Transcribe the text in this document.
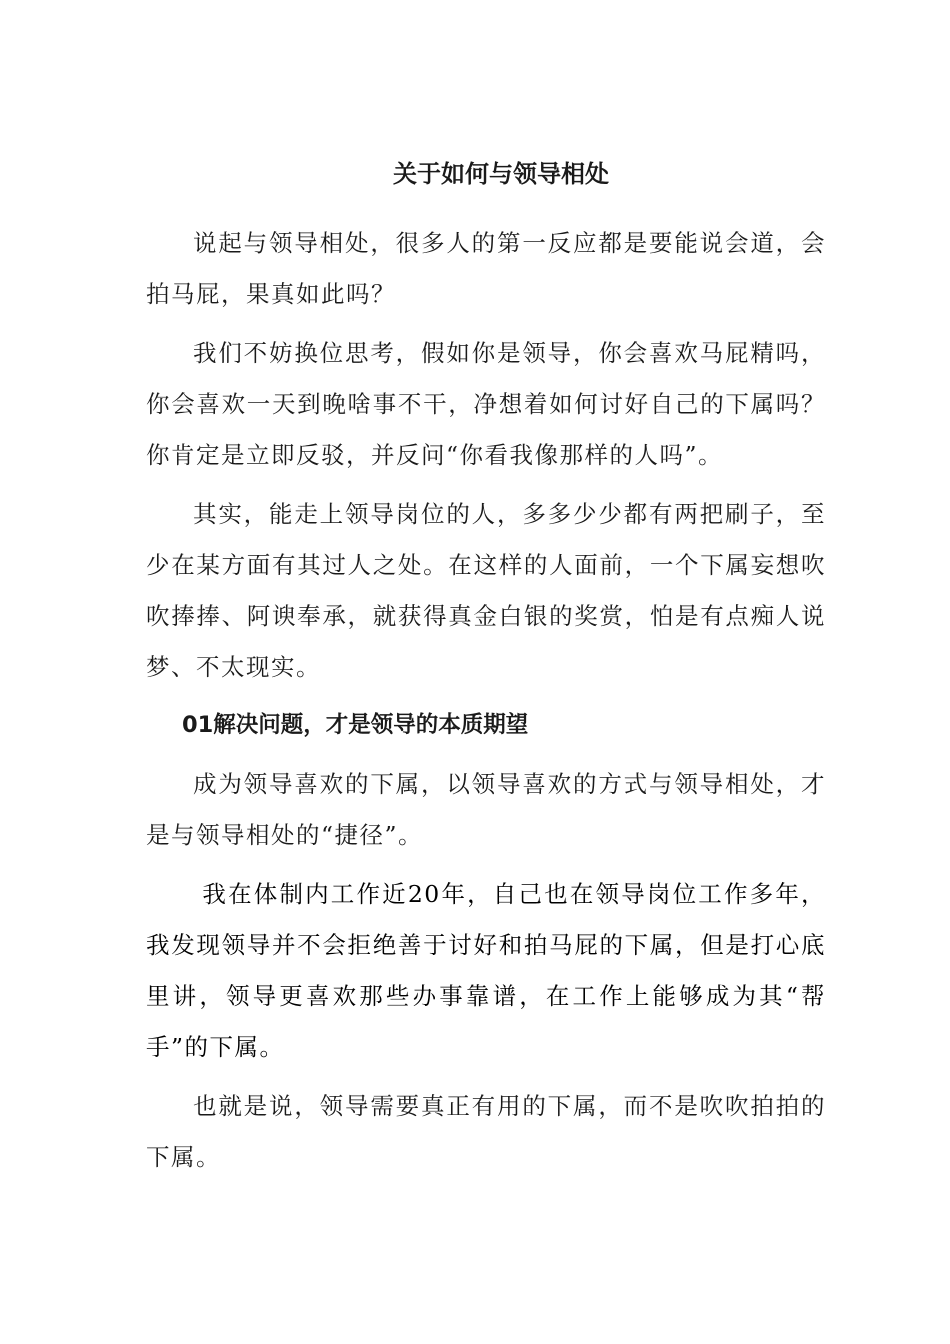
关于如何与领导相处

说起与领导相处，很多人的第一反应都是要能说会道，会拍马屁，果真如此吗？

我们不妨换位思考，假如你是领导，你会喜欢马屁精吗，你会喜欢一天到晚啥事不干，净想着如何讨好自己的下属吗？你肯定是立即反驳，并反问“你看我像那样的人吗”。

其实，能走上领导岗位的人，多多少少都有两把刷子，至少在某方面有其过人之处。在这样的人面前，一个下属妄想吹吹捧捧、阿谀奉承，就获得真金白银的奖赏，怕是有点痴人说梦、不太现实。

01解决问题，才是领导的本质期望

成为领导喜欢的下属，以领导喜欢的方式与领导相处，才是与领导相处的“捷径”。

我在体制内工作近20年，自己也在领导岗位工作多年，我发现领导并不会拒绝善于讨好和拍马屁的下属，但是打心底里讲，领导更喜欢那些办事靠谱，在工作上能够成为其“帮手”的下属。

也就是说，领导需要真正有用的下属，而不是吹吹拍拍的下属。
